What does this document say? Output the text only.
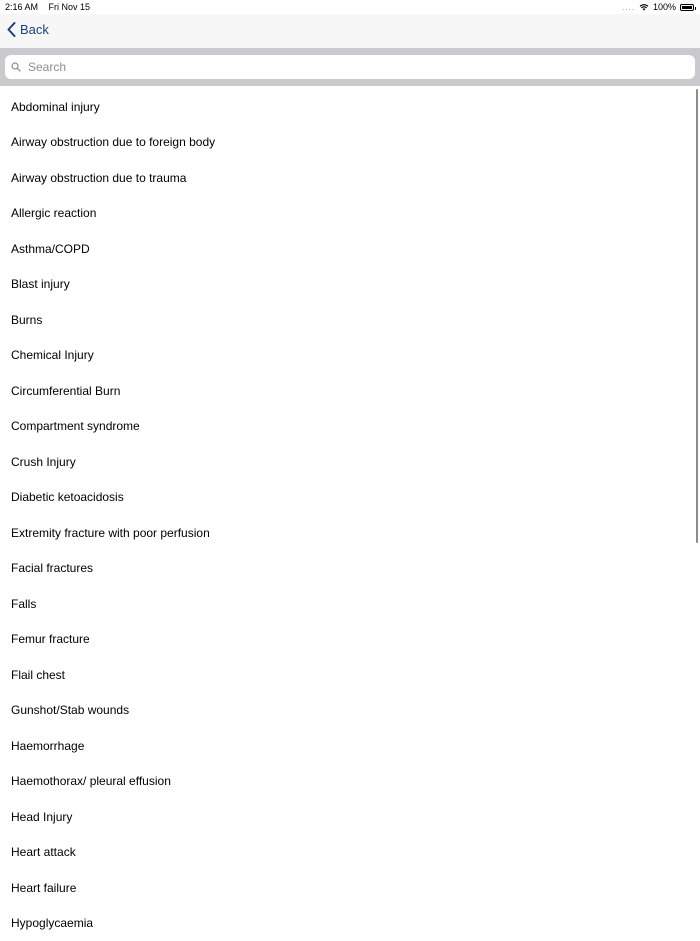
2:16 AM Fri Nov 15	.... 100%
Back
Search
Abdominal injury
Airway obstruction due to foreign body
Airway obstruction due to trauma
Allergic reaction
Asthma/COPD
Blast injury
Burns
Chemical Injury
Circumferential Burn
Compartment syndrome
Crush Injury
Diabetic ketoacidosis
Extremity fracture with poor perfusion
Facial fractures
Falls
Femur fracture
Flail chest
Gunshot/Stab wounds
Haemorrhage
Haemothorax/ pleural effusion
Head Injury
Heart attack
Heart failure
Hypoglycaemia
